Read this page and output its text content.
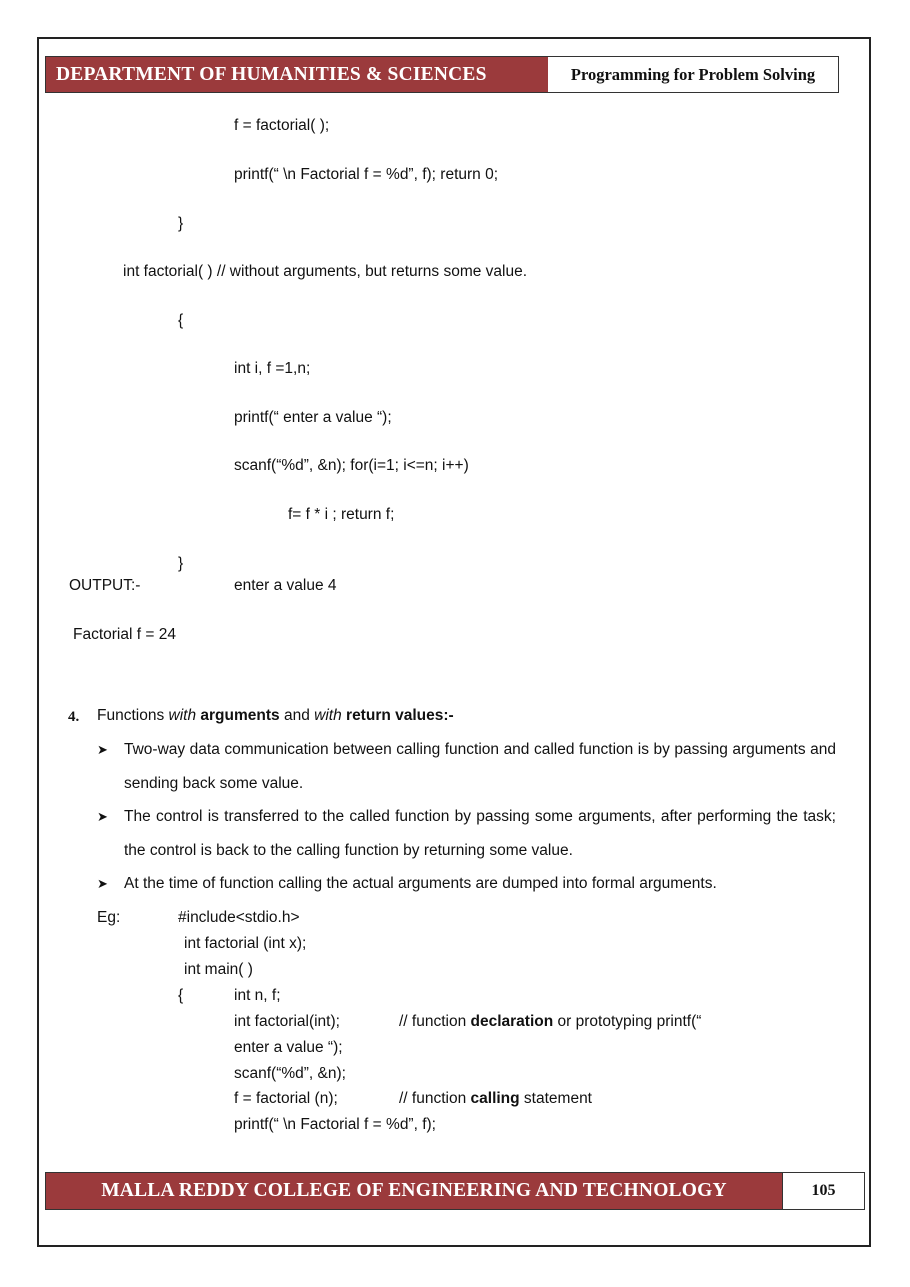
DEPARTMENT OF HUMANITIES & SCIENCES	Programming for Problem Solving
f = factorial( );
printf(“ \n Factorial f = %d”, f); return 0;
}
int factorial( ) // without arguments, but returns some value.
{
int i, f =1,n;
printf(“ enter a value “);
scanf(“%d”, &n); for(i=1; i<=n; i++)
f= f * i ; return f;
}
OUTPUT:-	enter a value 4
Factorial f = 24
4. Functions with arguments and with return values:-
➤ Two-way data communication between calling function and called function is by passing arguments and sending back some value.
➤ The control is transferred to the called function by passing some arguments, after performing the task; the control is back to the calling function by returning some value.
➤ At the time of function calling the actual arguments are dumped into formal arguments.
Eg:	#include<stdio.h>
int factorial (int x);
int main( )
{	int n, f;
int factorial(int);	// function declaration or prototyping printf(“
enter a value “);
scanf(“%d”, &n);
f = factorial (n);	// function calling statement
printf(“ \n Factorial f = %d”, f);
MALLA REDDY COLLEGE OF ENGINEERING AND TECHNOLOGY	105
